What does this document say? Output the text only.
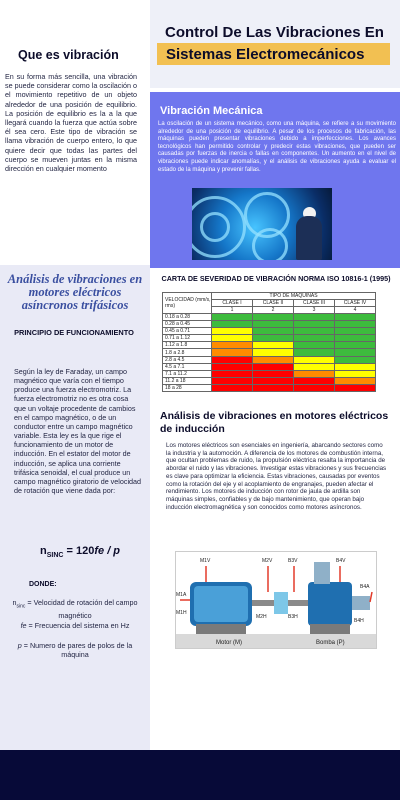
Control De Las Vibraciones En
Sistemas Electromecánicos
Que es vibración

En su forma más sencilla, una vibración se puede considerar como la oscilación o el movimiento repetitivo de un objeto alrededor de una posición de equilibrio. La posición de equilibrio es la a la que llegará cuando la fuerza que actúa sobre él sea cero. Este tipo de vibración se llama vibración de cuerpo entero, lo que quiere decir que todas las partes del cuerpo se mueven juntas en la misma dirección en cualquier momento

Vibración Mecánica

La oscilación de un sistema mecánico, como una máquina, se refiere a su movimiento alrededor de una posición de equilibrio. A pesar de los procesos de fabricación, las máquinas pueden presentar vibraciones debido a imperfecciones. Los avances tecnológicos han permitido controlar y predecir estas vibraciones, que pueden ser causadas por fuerzas de inercia o fallas en componentes. Un aumento en el nivel de vibraciones puede indicar anomalías, y el análisis de vibraciones ayuda a evaluar el estado de la máquina y prevenir fallas.

Análisis de vibraciones en motores eléctricos asíncronos trifásicos

PRINCIPIO DE FUNCIONAMIENTO

Según la ley de Faraday, un campo magnético que varía con el tiempo produce una fuerza electromotriz. La fuerza electromotriz no es otra cosa que un voltaje procedente de cambios en el campo magnético, o de un conductor entre un campo magnético variable. Esta ley es la que rige el funcionamiento de un motor de inducción. En el estator del motor de inducción, se aplica una corriente trifásica senoidal, el cual produce un campo magnético giratorio de velocidad de rotación que viene dada por:

$n_{SINC} = 120fe / p$
DONDE:

$n_{sinc}$ = Velocidad de rotación del campo magnético

fe = Frecuencia del sistema en Hz

p = Numero de pares de polos de la máquina

CARTA DE SEVERIDAD DE VIBRACIÓN NORMA ISO 10816-1 (1995)

VELOCIDAD (mm/s, rms)	TIPO DE MAQUINAS			
	CLASE I	CLASE II	CLASE III	CLASE IV
	1	2	3	4
0.18 a 0.28				
0.28 a 0.45				
0.45 a 0.71				
0.71 a 1.12				
1.12 a 1.8				
1.8 a 2.8				
2.8 a 4.5				
4.5 a 7.1				
7.1 a 11.2				
11.2 a 18				
18 a 28				

Análisis de vibraciones en motores eléctricos de inducción

Los motores eléctricos son esenciales en ingeniería, abarcando sectores como la industria y la automoción. A diferencia de los motores de combustión interna, que ocultan problemas de ruido, la propulsión eléctrica resalta la importancia de abordar el ruido y las vibraciones. Investigar estas vibraciones y sus frecuencias es clave para optimizar la eficiencia. Estas vibraciones, causadas por eventos como la rotación del eje y el acoplamiento de engranajes, pueden afectar el rendimiento. Los motores de inducción con rotor de jaula de ardilla son máquinas simples, confiables y de bajo mantenimiento, que operan bajo inducción electromagnética y son conocidos como motores asíncronos.

M1V
M1H
M1A
M2V
M2H
B3V
B3H
B4V
B4H
B4A
Motor (M)	Bomba (P)
